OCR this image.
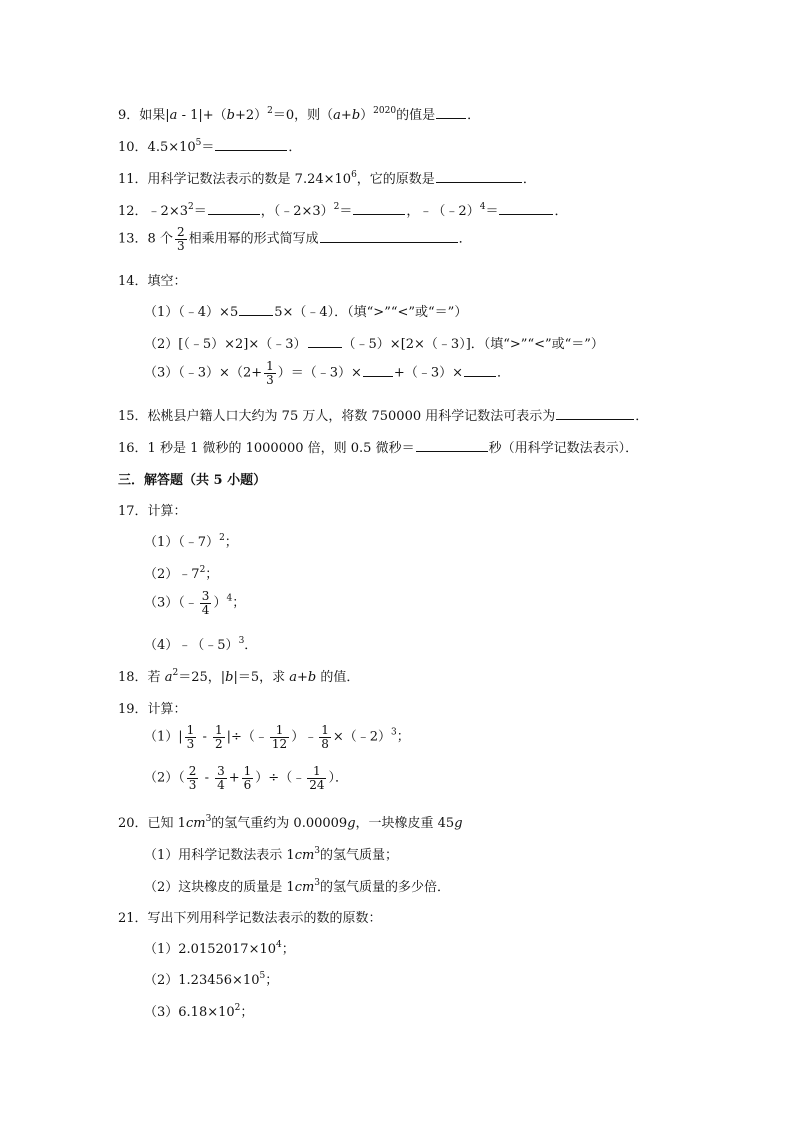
9．如果$|a - 1|+(b+2)^2=0$，则$(a+b)^{2020}$的值是 ．
10．$4.5\times 10^5=$	．
11．用科学记数法表示的数是 $7.24\times 10^6$，它的原数是	．
12．$﹣2\times 3^2=$	，（﹣2×3）$^2$＝	，﹣（﹣2）$^4$＝	．
13．8 个 $\frac{2}{3}$ 相乘用幂的形式简写成	．
14．填空：
（1）（﹣4）×5	5×（﹣4）．（填“>”“<”或“＝”）
（2）[（﹣5）×2]×（﹣3）	（﹣5）×[2×（﹣3）]．（填“>”“<”或“＝”）
（3）（﹣3）×（2+ $\frac{1}{3}$ ）＝（﹣3）× +（﹣3）×	．
15．松桃县户籍人口大约为 75 万人，将数 750000 用科学记数法可表示为	．
16．1 秒是 1 微秒的 1000000 倍，则 0.5 微秒＝	秒（用科学记数法表示）．
三．解答题（共 5 小题）
17．计算：
（1）（﹣7）$^2$；
$(2)﹣7^2$；
（3）（﹣ $\frac{3}{4} )^4$；
（4）﹣（﹣5）$^3$．
18．若 $a^2=25$，|b|＝5，求 a+b 的值．
19．计算：
$(1)| \frac{1}{3} - \frac{1}{2}$ |÷（﹣ $\frac{1}{12}$ ）﹣ $\frac{1}{8}$ ×（﹣2）$^3$；
$(2)( \frac{2}{3} - \frac{3}{4} + \frac{1}{6}$ ）÷（﹣ $\frac{1}{24}$ ）．
20．已知 $1cm^3$的氢气重约为 0.00009g，一块橡皮重 45g
（1）用科学记数法表示 $1cm^3$的氢气质量；
（2）这块橡皮的质量是 $1cm^3$的氢气质量的多少倍．
21．写出下列用科学记数法表示的数的原数：
$(1)2.0152017\times 10^4$；
$(2)1.23456\times 10^5$；
$(3)6.18\times 10^2$；
